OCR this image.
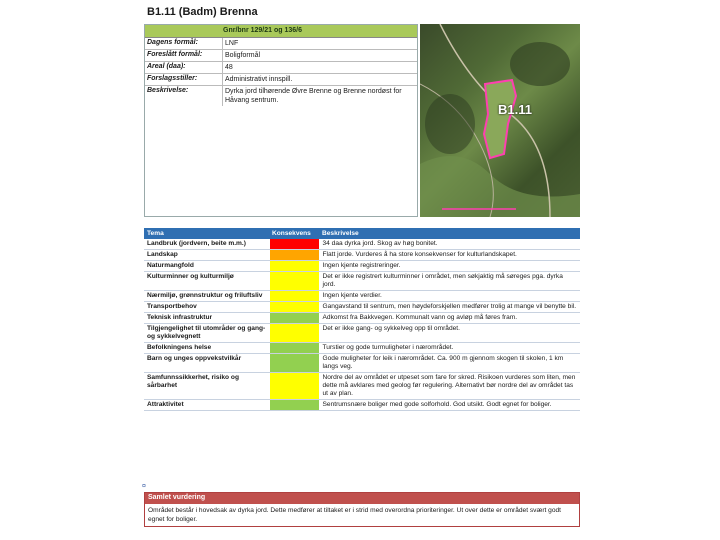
B1.11 (Badm) Brenna
Gnr/bnr 129/21 og 136/6
Dagens formål:	LNF
Foreslått formål:	Boligformål
Areal (daa):	48
Forslagsstiller:	Administrativt innspill.
Beskrivelse:	Dyrka jord tilhørende Øvre Brenne og Brenne nordøst for Håvang sentrum.
B1.11
Tema	Konsekvens	Beskrivelse
Landbruk (jordvern, beite m.m.)		34 daa dyrka jord. Skog av høg bonitet.
Landskap		Flatt jorde. Vurderes å ha store konsekvenser for kulturlandskapet.
Naturmangfold		Ingen kjente registreringer.
Kulturminner og kulturmiljø		Det er ikke registrert kulturminner i området, men søkjaktig må søreges pga. dyrka jord.
Nærmiljø, grønnstruktur og friluftsliv		Ingen kjente verdier.
Transportbehov		Gangavstand til sentrum, men høydeforskjellen medfører trolig at mange vil benytte bil.
Teknisk infrastruktur		Adkomst fra Bakkvegen. Kommunalt vann og avløp må føres fram.
Tilgjengelighet til utområder og gang- og sykkelvegnett		Det er ikke gang- og sykkelveg opp til området.
Befolkningens helse		Turstier og gode turmuligheter i nærområdet.
Barn og unges oppvekstvilkår		Gode muligheter for leik i nærområdet. Ca. 900 m gjennom skogen til skolen, 1 km langs veg.
Samfunnssikkerhet, risiko og sårbarhet		Nordre del av området er utpeset som fare for skred. Risikoen vurderes som liten, men dette må avklares med geolog før regulering. Alternativt bør nordre del av området tas ut av plan.
Attraktivitet		Sentrumsnære boliger med gode solforhold. God utsikt. Godt egnet for boliger.
¤
Samlet vurdering
Området består i hovedsak av dyrka jord. Dette medfører at tiltaket er i strid med overordna prioriteringer. Ut over dette er området svært godt egnet for boliger.
